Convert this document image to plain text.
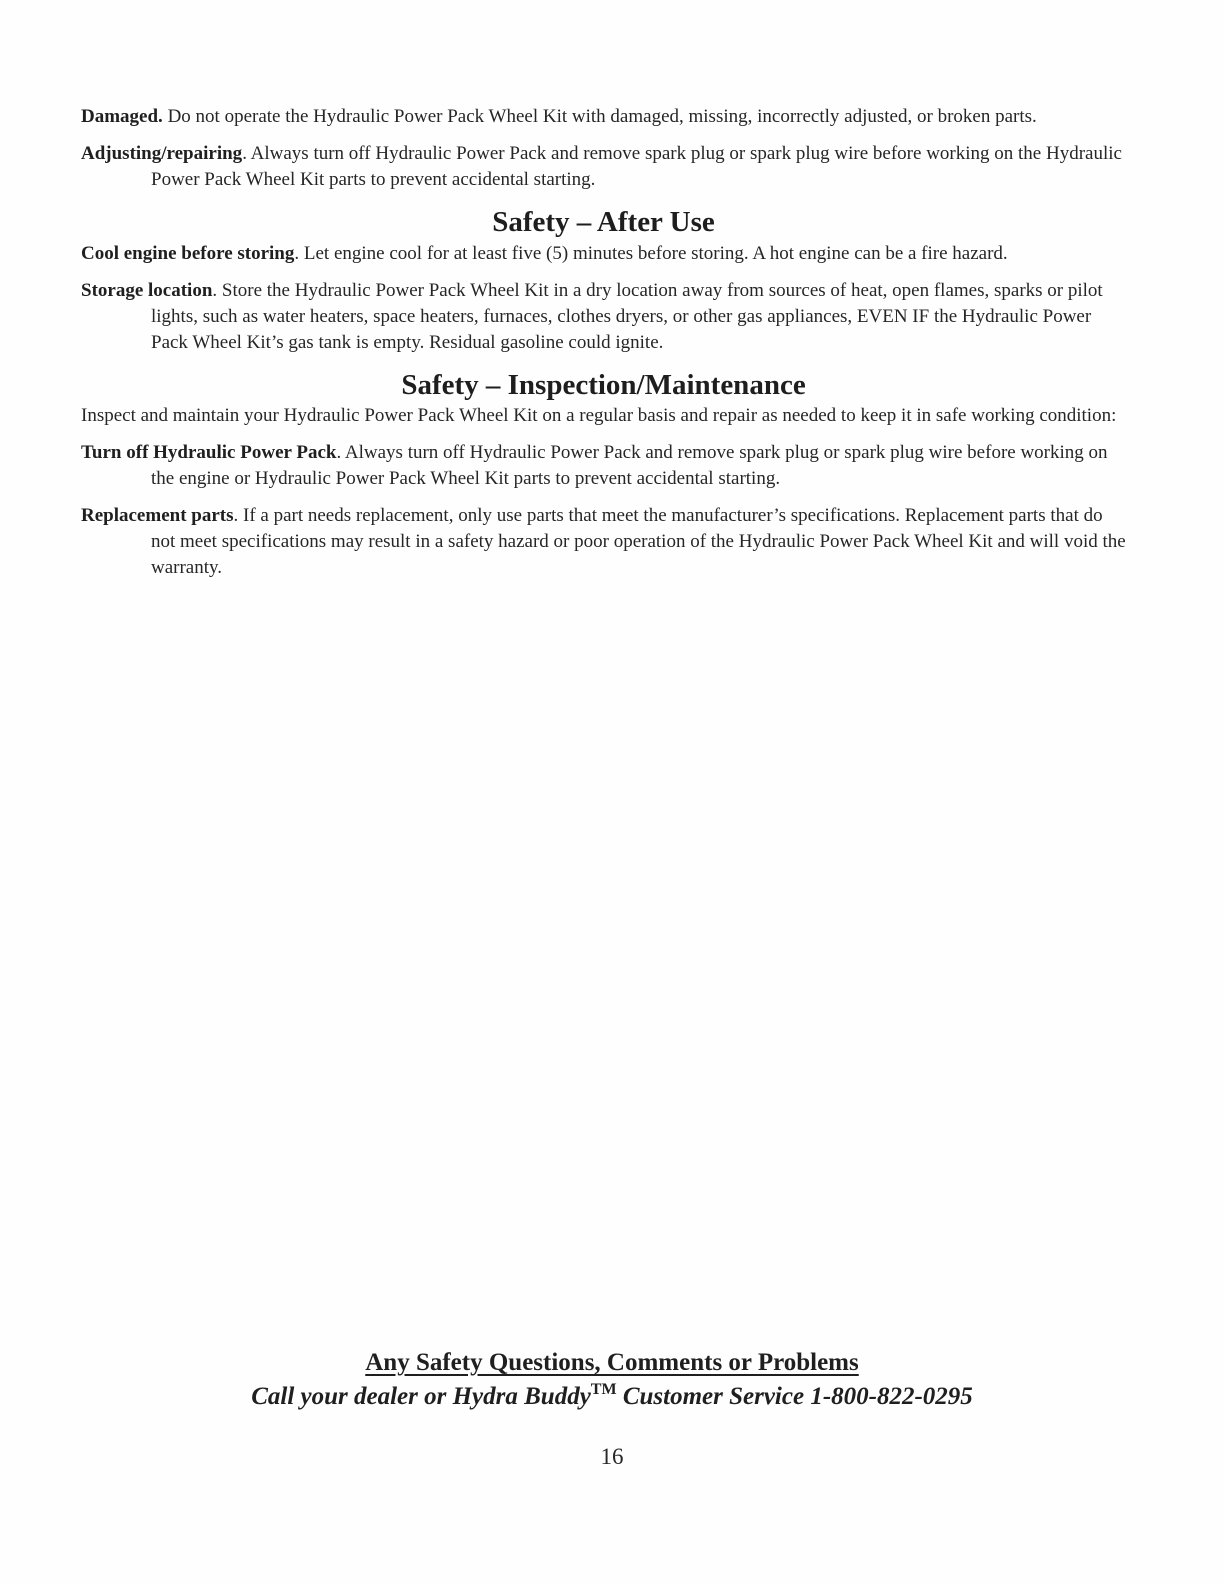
Damaged. Do not operate the Hydraulic Power Pack Wheel Kit with damaged, missing, incorrectly adjusted, or broken parts.

Adjusting/repairing. Always turn off Hydraulic Power Pack and remove spark plug or spark plug wire before working on the Hydraulic Power Pack Wheel Kit parts to prevent accidental starting.

Safety – After Use

Cool engine before storing. Let engine cool for at least five (5) minutes before storing. A hot engine can be a fire hazard.

Storage location. Store the Hydraulic Power Pack Wheel Kit in a dry location away from sources of heat, open flames, sparks or pilot lights, such as water heaters, space heaters, furnaces, clothes dryers, or other gas appliances, EVEN IF the Hydraulic Power Pack Wheel Kit’s gas tank is empty. Residual gasoline could ignite.

Safety – Inspection/Maintenance

Inspect and maintain your Hydraulic Power Pack Wheel Kit on a regular basis and repair as needed to keep it in safe working condition:

Turn off Hydraulic Power Pack. Always turn off Hydraulic Power Pack and remove spark plug or spark plug wire before working on the engine or Hydraulic Power Pack Wheel Kit parts to prevent accidental starting.

Replacement parts. If a part needs replacement, only use parts that meet the manufacturer’s specifications. Replacement parts that do not meet specifications may result in a safety hazard or poor operation of the Hydraulic Power Pack Wheel Kit and will void the warranty.

Any Safety Questions, Comments or Problems
Call your dealer or Hydra Buddy™ Customer Service 1-800-822-0295
16
